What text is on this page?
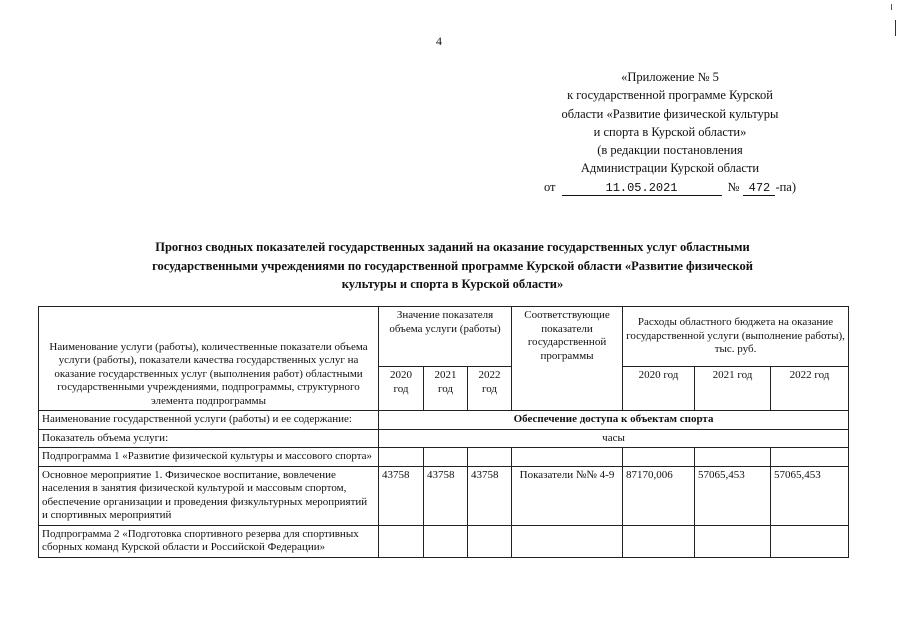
4
«Приложение № 5
к государственной программе Курской
области «Развитие физической культуры
и спорта в Курской области»
(в редакции постановления
Администрации Курской области
от	11.05.2021	№ 472 -па)
Прогноз сводных показателей государственных заданий на оказание государственных услуг областными
государственными учреждениями по государственной программе Курской области «Развитие физической
культуры и спорта в Курской области»
Наименование услуги (работы), количественные показатели объема услуги (работы), показатели качества государственных услуг на оказание государственных услуг (выполнения работ) областными государственными учреждениями, подпрограммы, структурного элемента подпрограммы	Значение показателя объема услуги (работы)			Соответствующие показатели государственной программы	Расходы областного бюджета на оказание государственной услуги (выполнение работы), тыс. руб.		
	2020 год	2021 год	2022 год		2020 год	2021 год	2022 год
Наименование государственной услуги (работы) и ее содержание:	Обеспечение доступа к объектам спорта						
Показатель объема услуги:	часы						
Подпрограмма 1 «Развитие физической культуры и массового спорта»							
Основное мероприятие 1. Физическое воспитание, вовлечение населения в занятия физической культурой и массовым спортом, обеспечение организации и проведения физкультурных мероприятий и спортивных мероприятий	43758	43758	43758	Показатели №№ 4-9	87170,006	57065,453	57065,453
Подпрограмма 2 «Подготовка спортивного резерва для спортивных сборных команд Курской области и Российской Федерации»							
